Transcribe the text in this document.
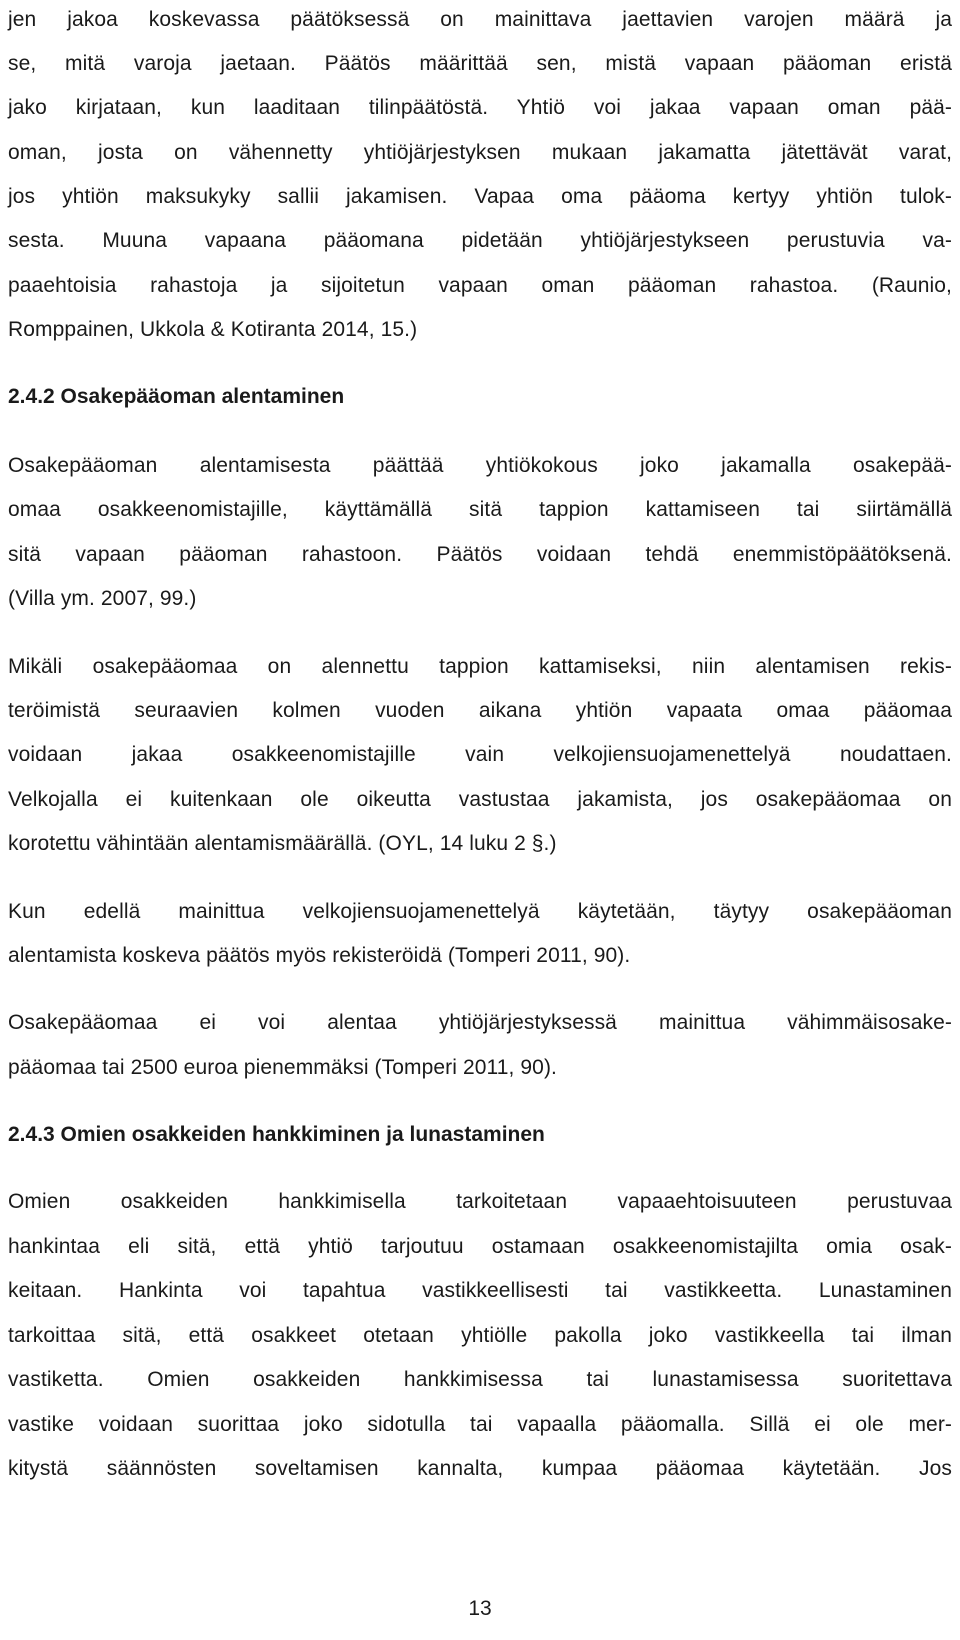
jen jakoa koskevassa päätöksessä on mainittava jaettavien varojen määrä ja
se, mitä varoja jaetaan. Päätös määrittää sen, mistä vapaan pääoman eristä
jako kirjataan, kun laaditaan tilinpäätöstä. Yhtiö voi jakaa vapaan oman pää-
oman, josta on vähennetty yhtiöjärjestyksen mukaan jakamatta jätettävät varat,
jos yhtiön maksukyky sallii jakamisen. Vapaa oma pääoma kertyy yhtiön tulok-
sesta. Muuna vapaana pääomana pidetään yhtiöjärjestykseen perustuvia va-
paaehtoisia rahastoja ja sijoitetun vapaan oman pääoman rahastoa. (Raunio,
Romppainen, Ukkola & Kotiranta 2014, 15.)
2.4.2 Osakepääoman alentaminen
Osakepääoman alentamisesta päättää yhtiökokous joko jakamalla osakepää-
omaa osakkeenomistajille, käyttämällä sitä tappion kattamiseen tai siirtämällä
sitä vapaan pääoman rahastoon. Päätös voidaan tehdä enemmistöpäätöksenä.
(Villa ym. 2007, 99.)
Mikäli osakepääomaa on alennettu tappion kattamiseksi, niin alentamisen rekis-
teröimistä seuraavien kolmen vuoden aikana yhtiön vapaata omaa pääomaa
voidaan jakaa osakkeenomistajille vain velkojiensuojamenettelyä noudattaen.
Velkojalla ei kuitenkaan ole oikeutta vastustaa jakamista, jos osakepääomaa on
korotettu vähintään alentamismäärällä. (OYL, 14 luku 2 §.)
Kun edellä mainittua velkojiensuojamenettelyä käytetään, täytyy osakepääoman
alentamista koskeva päätös myös rekisteröidä (Tomperi 2011, 90).
Osakepääomaa ei voi alentaa yhtiöjärjestyksessä mainittua vähimmäisosake-
pääomaa tai 2500 euroa pienemmäksi (Tomperi 2011, 90).
2.4.3 Omien osakkeiden hankkiminen ja lunastaminen
Omien osakkeiden hankkimisella tarkoitetaan vapaaehtoisuuteen perustuvaa
hankintaa eli sitä, että yhtiö tarjoutuu ostamaan osakkeenomistajilta omia osak-
keitaan. Hankinta voi tapahtua vastikkeellisesti tai vastikkeetta. Lunastaminen
tarkoittaa sitä, että osakkeet otetaan yhtiölle pakolla joko vastikkeella tai ilman
vastiketta. Omien osakkeiden hankkimisessa tai lunastamisessa suoritettava
vastike voidaan suorittaa joko sidotulla tai vapaalla pääomalla. Sillä ei ole mer-
kitystä säännösten soveltamisen kannalta, kumpaa pääomaa käytetään. Jos
13
